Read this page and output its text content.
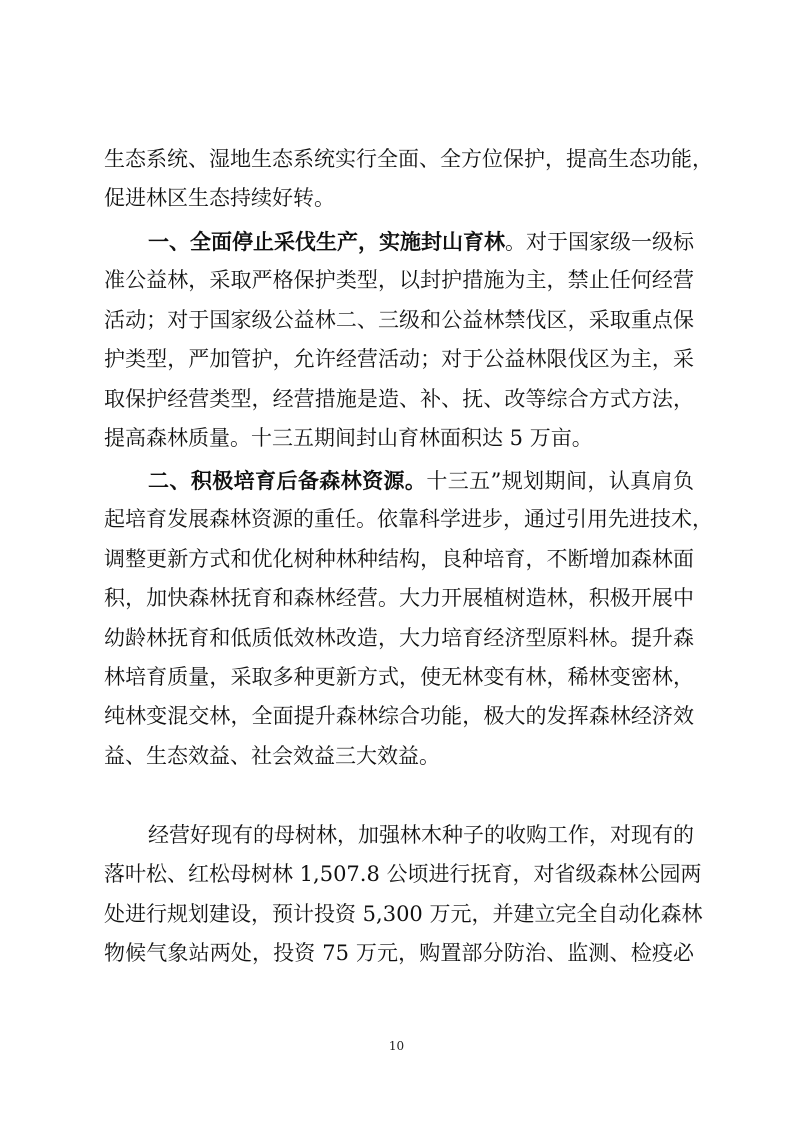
生态系统、湿地生态系统实行全面、全方位保护，提高生态功能，
促进林区生态持续好转。
一、全面停止采伐生产，实施封山育林。对于国家级一级标
准公益林，采取严格保护类型，以封护措施为主，禁止任何经营
活动；对于国家级公益林二、三级和公益林禁伐区，采取重点保
护类型，严加管护，允许经营活动；对于公益林限伐区为主，采
取保护经营类型，经营措施是造、补、抚、改等综合方式方法，
提高森林质量。十三五期间封山育林面积达 5 万亩。
二、积极培育后备森林资源。十三五”规划期间，认真肩负
起培育发展森林资源的重任。依靠科学进步，通过引用先进技术，
调整更新方式和优化树种林种结构，良种培育，不断增加森林面
积，加快森林抚育和森林经营。大力开展植树造林，积极开展中
幼龄林抚育和低质低效林改造，大力培育经济型原料林。提升森
林培育质量，采取多种更新方式，使无林变有林，稀林变密林，
纯林变混交林，全面提升森林综合功能，极大的发挥森林经济效
益、生态效益、社会效益三大效益。
经营好现有的母树林，加强林木种子的收购工作，对现有的
落叶松、红松母树林 1,507.8 公顷进行抚育，对省级森林公园两
处进行规划建设，预计投资 5,300 万元，并建立完全自动化森林
物候气象站两处，投资 75 万元，购置部分防治、监测、检疫必
10
